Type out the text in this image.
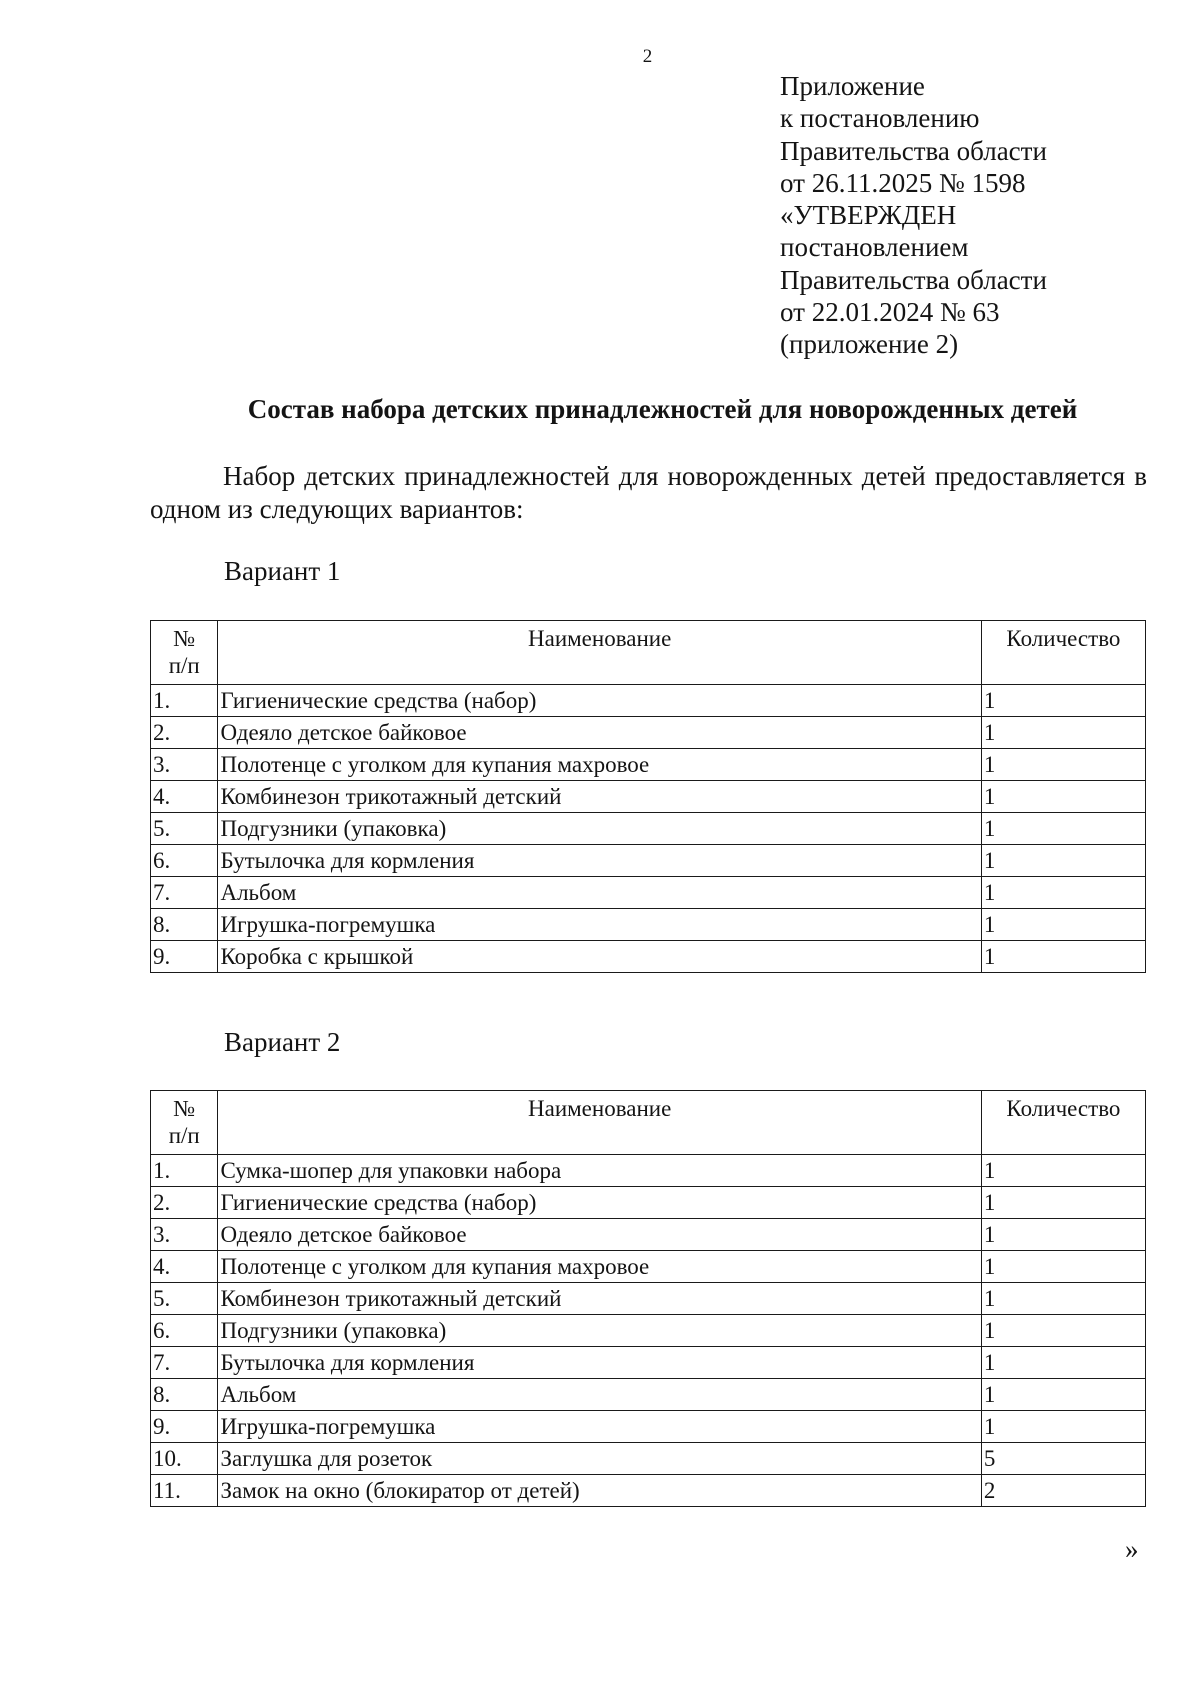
2
Приложение
к постановлению
Правительства области
от 26.11.2025 № 1598
«УТВЕРЖДЕН
постановлением
Правительства области
от 22.01.2024 № 63
(приложение 2)
Состав набора детских принадлежностей для новорожденных детей
Набор детских принадлежностей для новорожденных детей предоставляется в одном из следующих вариантов:
Вариант 1
№
п/п	Наименование	Количество
1.	Гигиенические средства (набор)	1
2.	Одеяло детское байковое	1
3.	Полотенце с уголком для купания махровое	1
4.	Комбинезон трикотажный детский	1
5.	Подгузники (упаковка)	1
6.	Бутылочка для кормления	1
7.	Альбом	1
8.	Игрушка-погремушка	1
9.	Коробка с крышкой	1
Вариант 2
№
п/п	Наименование	Количество
1.	Сумка-шопер для упаковки набора	1
2.	Гигиенические средства (набор)	1
3.	Одеяло детское байковое	1
4.	Полотенце с уголком для купания махровое	1
5.	Комбинезон трикотажный детский	1
6.	Подгузники (упаковка)	1
7.	Бутылочка для кормления	1
8.	Альбом	1
9.	Игрушка-погремушка	1
10.	Заглушка для розеток	5
11.	Замок на окно (блокиратор от детей)	2
»
